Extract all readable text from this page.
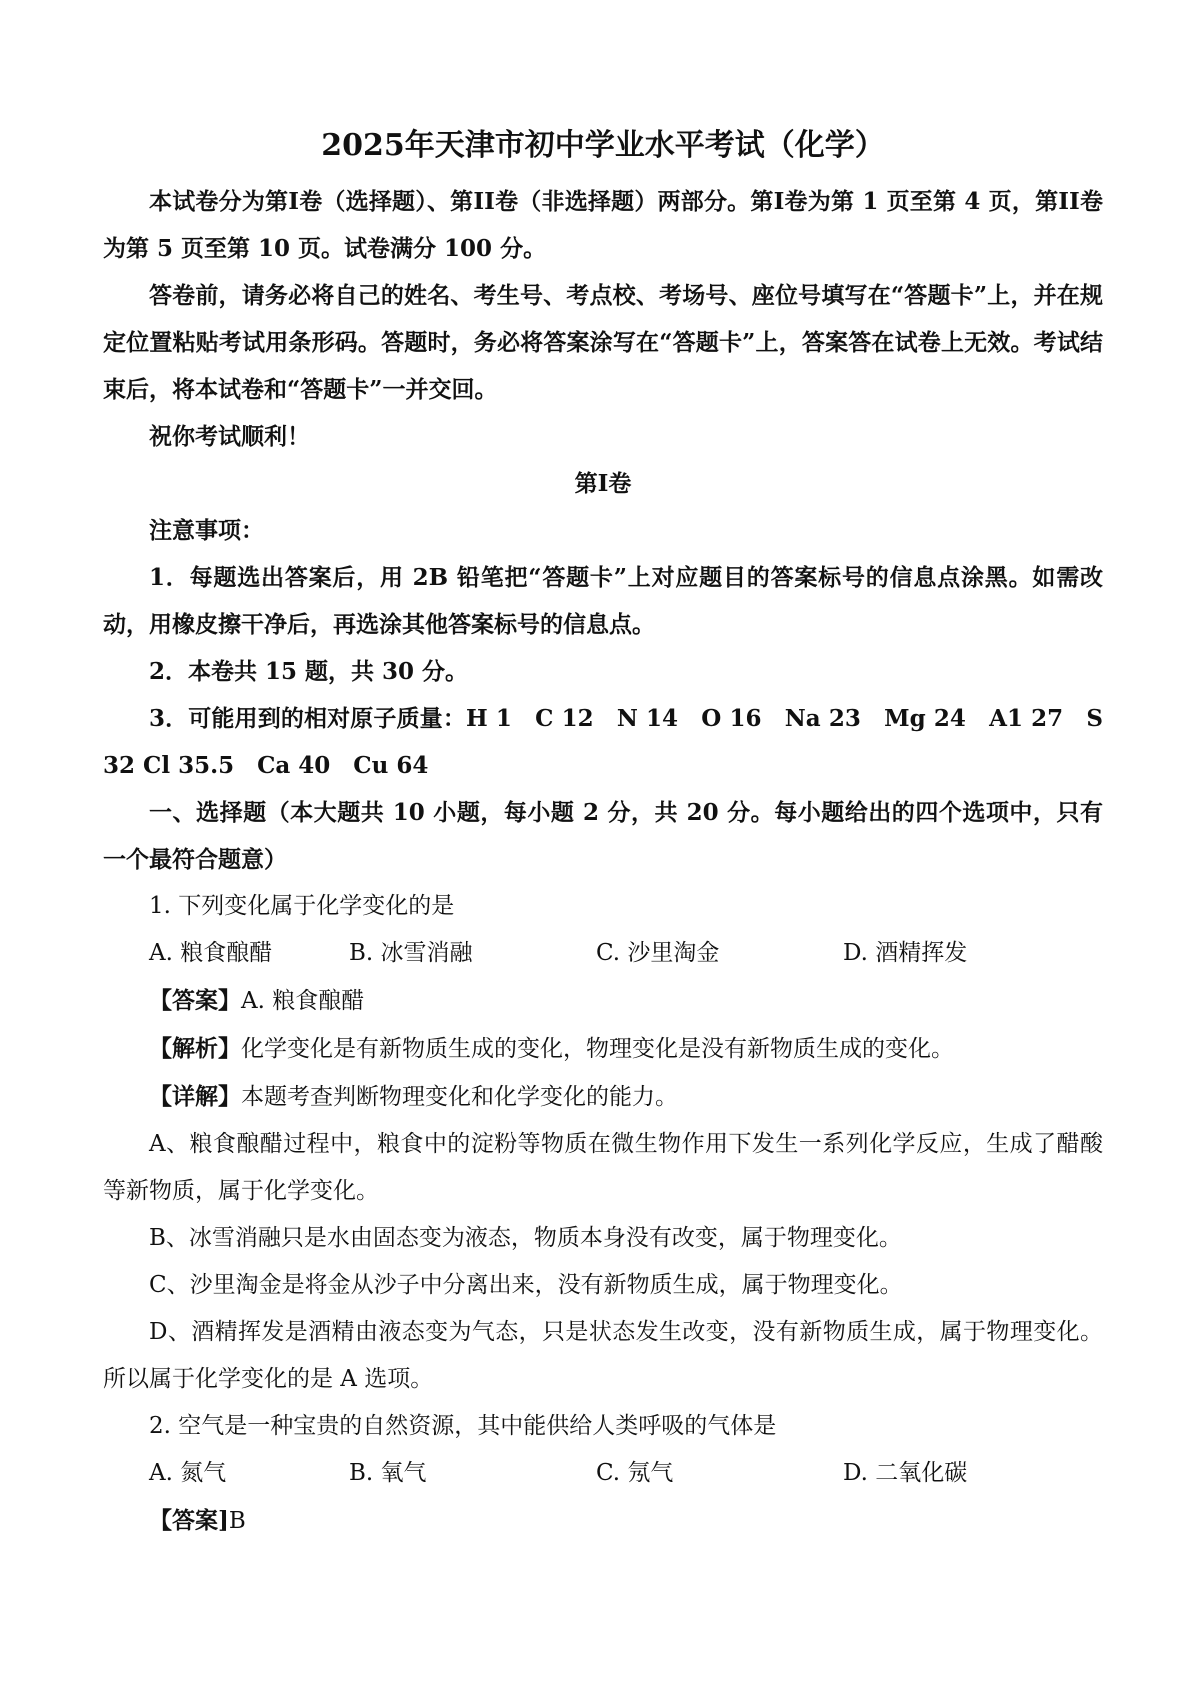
2025年天津市初中学业水平考试（化学）

本试卷分为第I卷（选择题）、第II卷（非选择题）两部分。第I卷为第 1 页至第 4 页，第II卷为第 5 页至第 10 页。试卷满分 100 分。

答卷前，请务必将自己的姓名、考生号、考点校、考场号、座位号填写在“答题卡”上，并在规定位置粘贴考试用条形码。答题时，务必将答案涂写在“答题卡”上，答案答在试卷上无效。考试结束后，将本试卷和“答题卡”一并交回。

祝你考试顺利！

第I卷

注意事项：

1．每题选出答案后，用 2B 铅笔把“答题卡”上对应题目的答案标号的信息点涂黑。如需改动，用橡皮擦干净后，再选涂其他答案标号的信息点。

2．本卷共 15 题，共 30 分。

3．可能用到的相对原子质量：H 1　C 12　N 14　O 16　Na 23　Mg 24　A1 27　S 32 Cl 35.5　Ca 40　Cu 64

一、选择题（本大题共 10 小题，每小题 2 分，共 20 分。每小题给出的四个选项中，只有一个最符合题意）

1. 下列变化属于化学变化的是

A. 粮食酿醋	B. 冰雪消融	C. 沙里淘金	D. 酒精挥发

【答案】A. 粮食酿醋

【解析】化学变化是有新物质生成的变化，物理变化是没有新物质生成的变化。

【详解】本题考查判断物理变化和化学变化的能力。

A、粮食酿醋过程中，粮食中的淀粉等物质在微生物作用下发生一系列化学反应，生成了醋酸等新物质，属于化学变化。

B、冰雪消融只是水由固态变为液态，物质本身没有改变，属于物理变化。

C、沙里淘金是将金从沙子中分离出来，没有新物质生成，属于物理变化。

D、酒精挥发是酒精由液态变为气态，只是状态发生改变，没有新物质生成，属于物理变化。所以属于化学变化的是 A 选项。

2. 空气是一种宝贵的自然资源，其中能供给人类呼吸的气体是

A. 氮气	B. 氧气	C. 氖气	D. 二氧化碳

【答案]B
